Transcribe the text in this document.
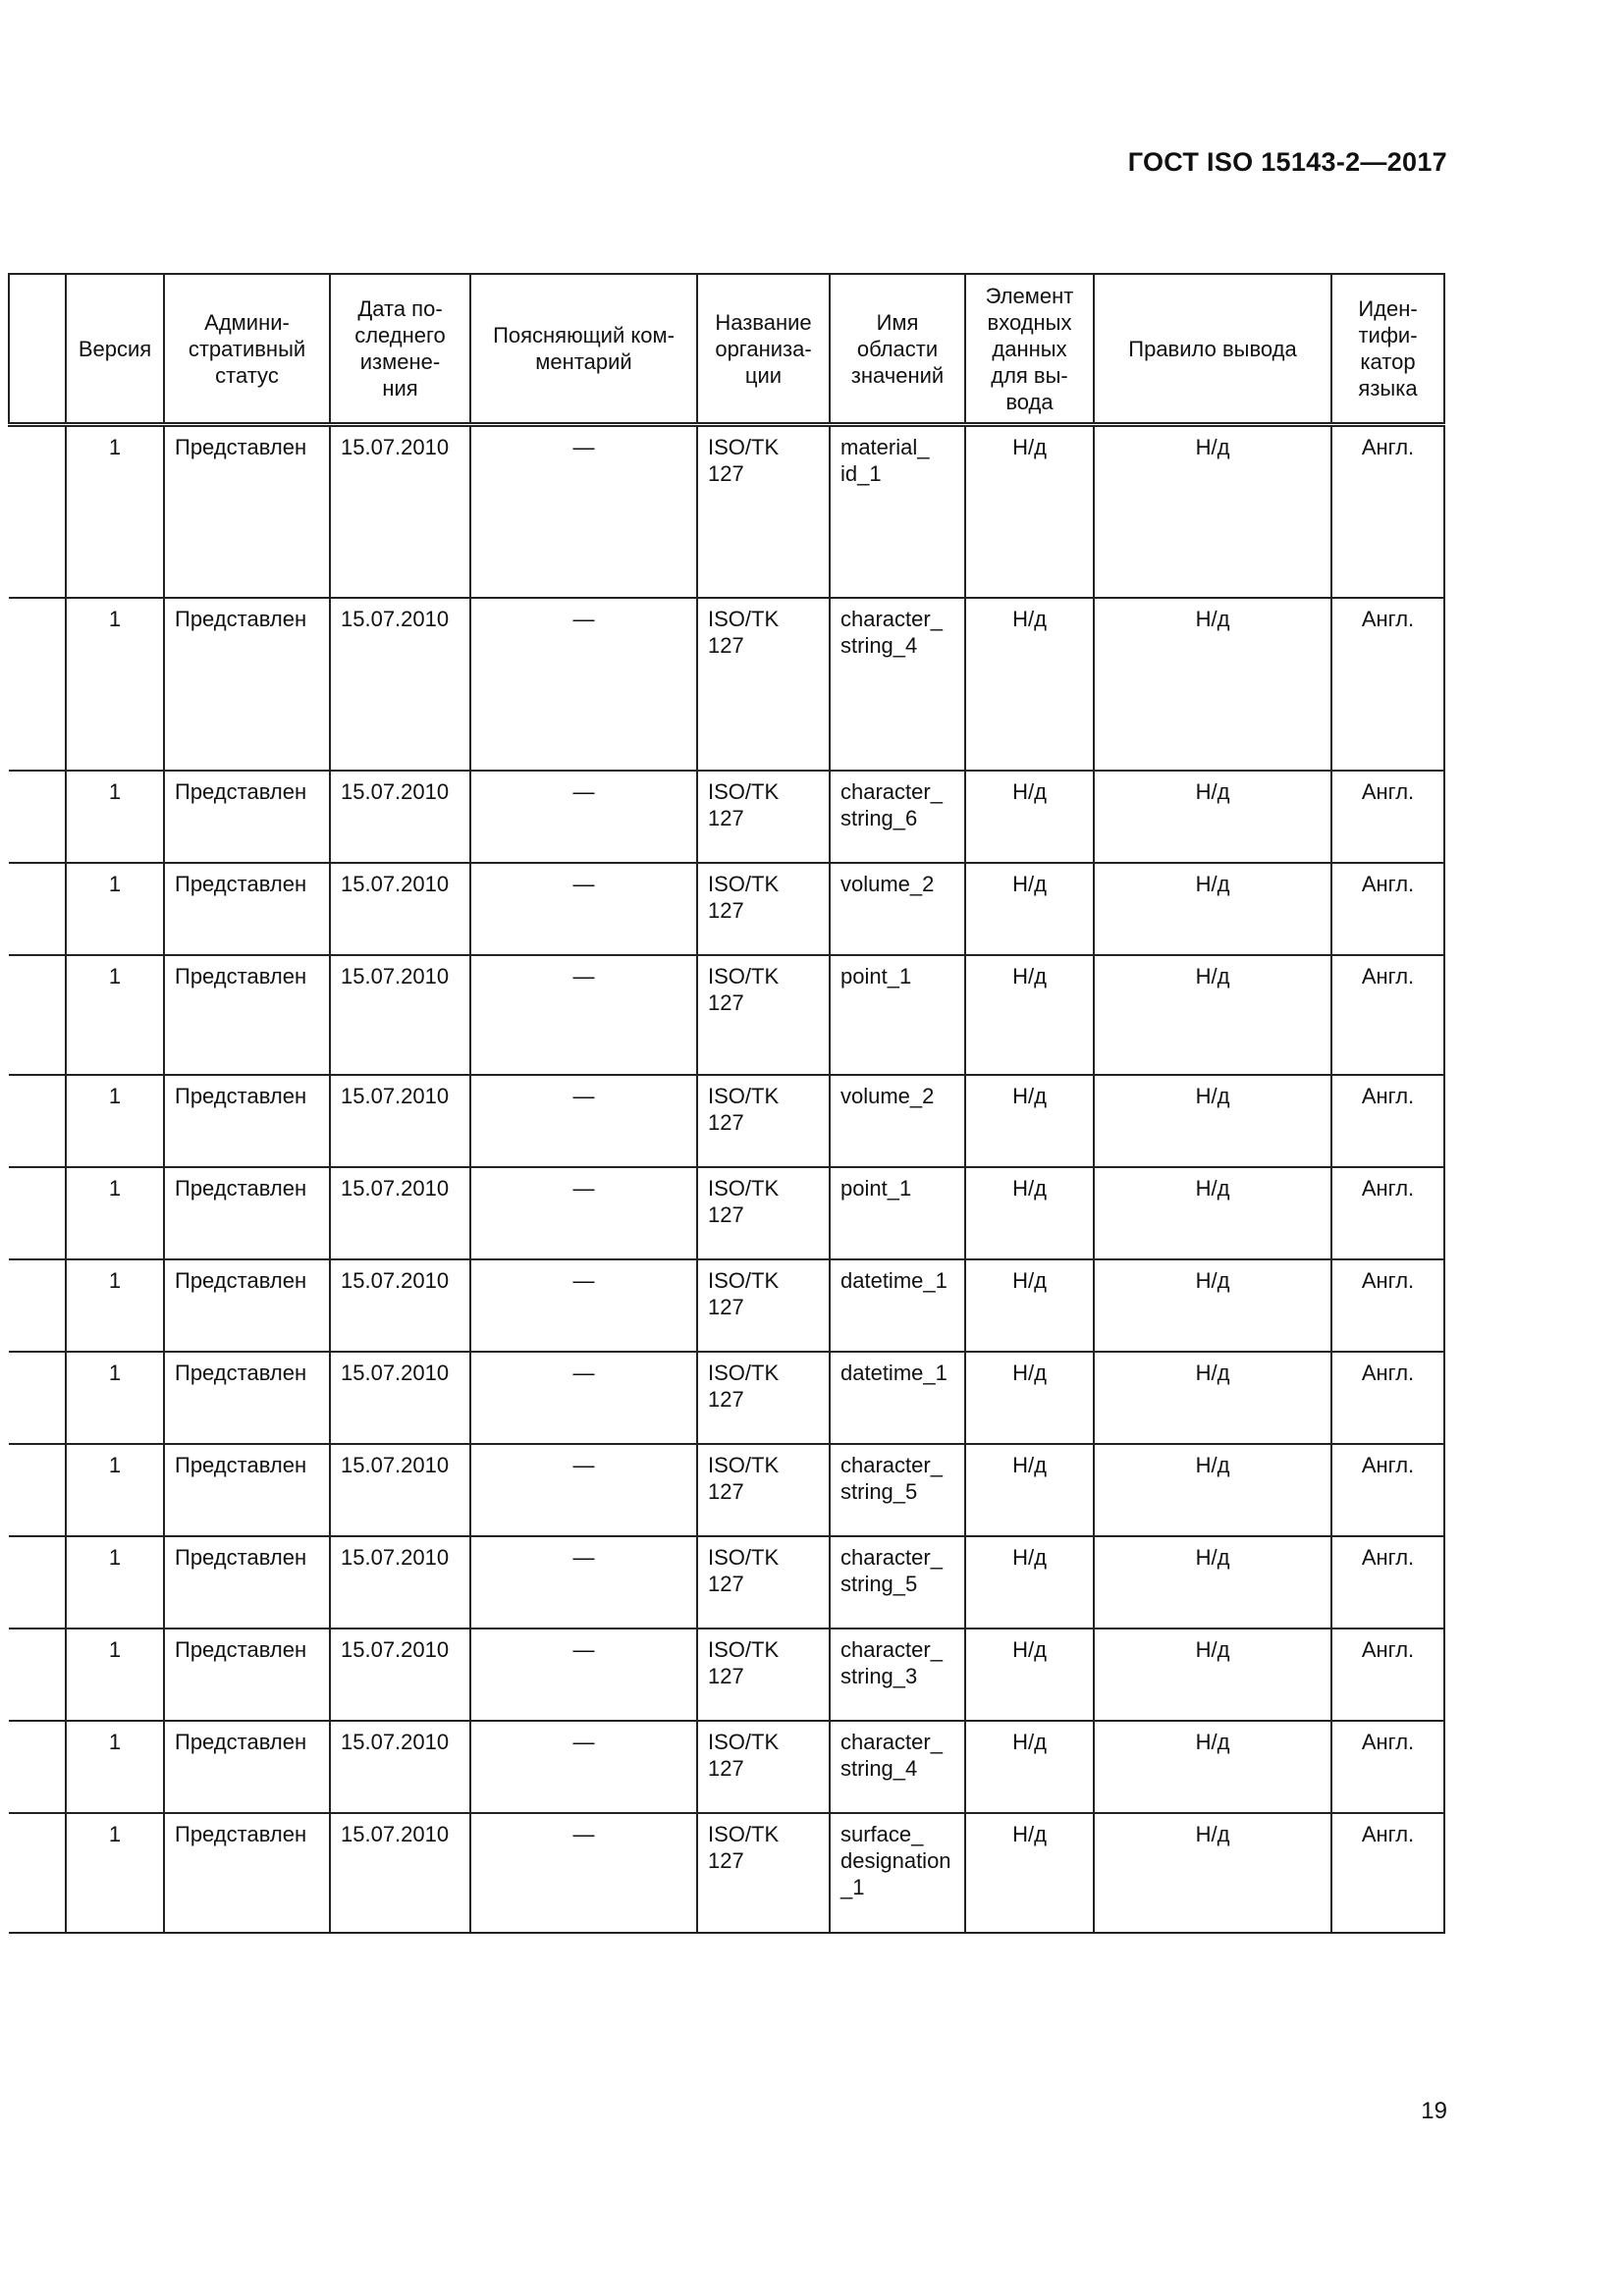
ГОСТ ISO 15143-2—2017

	Версия	Админи-
стративный
статус	Дата по-
следнего
измене-
ния	Поясняющий ком-
ментарий	Название
организа-
ции	Имя
области
значений	Элемент
входных
данных
для вы-
вода	Правило вывода	Иден-
тифи-
катор
языка

	1	Представлен	15.07.2010	—	ISO/TK
127	material_
id_1	Н/д	Н/д	Англ.

	1	Представлен	15.07.2010	—	ISO/TK
127	character_
string_4	Н/д	Н/д	Англ.

	1	Представлен	15.07.2010	—	ISO/TK
127	character_
string_6	Н/д	Н/д	Англ.

	1	Представлен	15.07.2010	—	ISO/TK
127	volume_2	Н/д	Н/д	Англ.

	1	Представлен	15.07.2010	—	ISO/TK
127	point_1	Н/д	Н/д	Англ.

	1	Представлен	15.07.2010	—	ISO/TK
127	volume_2	Н/д	Н/д	Англ.

	1	Представлен	15.07.2010	—	ISO/TK
127	point_1	Н/д	Н/д	Англ.

	1	Представлен	15.07.2010	—	ISO/TK
127	datetime_1	Н/д	Н/д	Англ.

	1	Представлен	15.07.2010	—	ISO/TK
127	datetime_1	Н/д	Н/д	Англ.

	1	Представлен	15.07.2010	—	ISO/TK
127	character_
string_5	Н/д	Н/д	Англ.

	1	Представлен	15.07.2010	—	ISO/TK
127	character_
string_5	Н/д	Н/д	Англ.

	1	Представлен	15.07.2010	—	ISO/TK
127	character_
string_3	Н/д	Н/д	Англ.

	1	Представлен	15.07.2010	—	ISO/TK
127	character_
string_4	Н/д	Н/д	Англ.

	1	Представлен	15.07.2010	—	ISO/TK
127	surface_
designation
_1	Н/д	Н/д	Англ.
19
